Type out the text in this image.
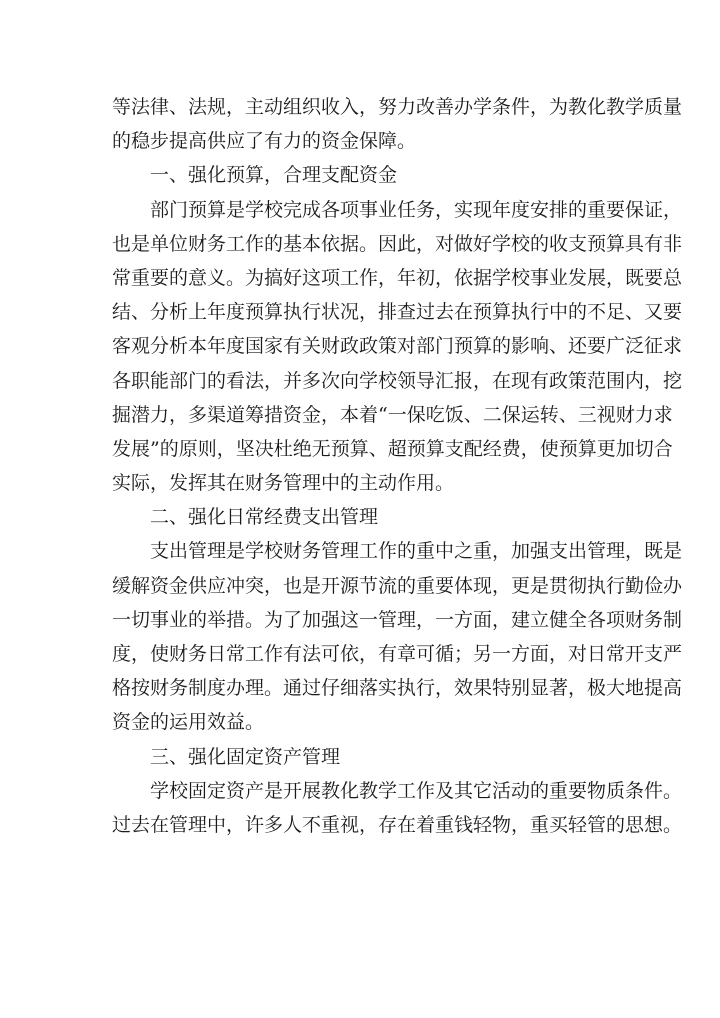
等法律、法规，主动组织收入，努力改善办学条件，为教化教学质量
的稳步提高供应了有力的资金保障。
一、强化预算，合理支配资金
部门预算是学校完成各项事业任务，实现年度安排的重要保证，
也是单位财务工作的基本依据。因此，对做好学校的收支预算具有非
常重要的意义。为搞好这项工作，年初，依据学校事业发展，既要总
结、分析上年度预算执行状况，排查过去在预算执行中的不足、又要
客观分析本年度国家有关财政政策对部门预算的影响、还要广泛征求
各职能部门的看法，并多次向学校领导汇报，在现有政策范围内，挖
掘潜力，多渠道筹措资金，本着“一保吃饭、二保运转、三视财力求
发展”的原则，坚决杜绝无预算、超预算支配经费，使预算更加切合
实际，发挥其在财务管理中的主动作用。
二、强化日常经费支出管理
支出管理是学校财务管理工作的重中之重，加强支出管理，既是
缓解资金供应冲突，也是开源节流的重要体现，更是贯彻执行勤俭办
一切事业的举措。为了加强这一管理，一方面，建立健全各项财务制
度，使财务日常工作有法可依，有章可循；另一方面，对日常开支严
格按财务制度办理。通过仔细落实执行，效果特别显著，极大地提高
资金的运用效益。
三、强化固定资产管理
学校固定资产是开展教化教学工作及其它活动的重要物质条件。
过去在管理中，许多人不重视，存在着重钱轻物，重买轻管的思想。
